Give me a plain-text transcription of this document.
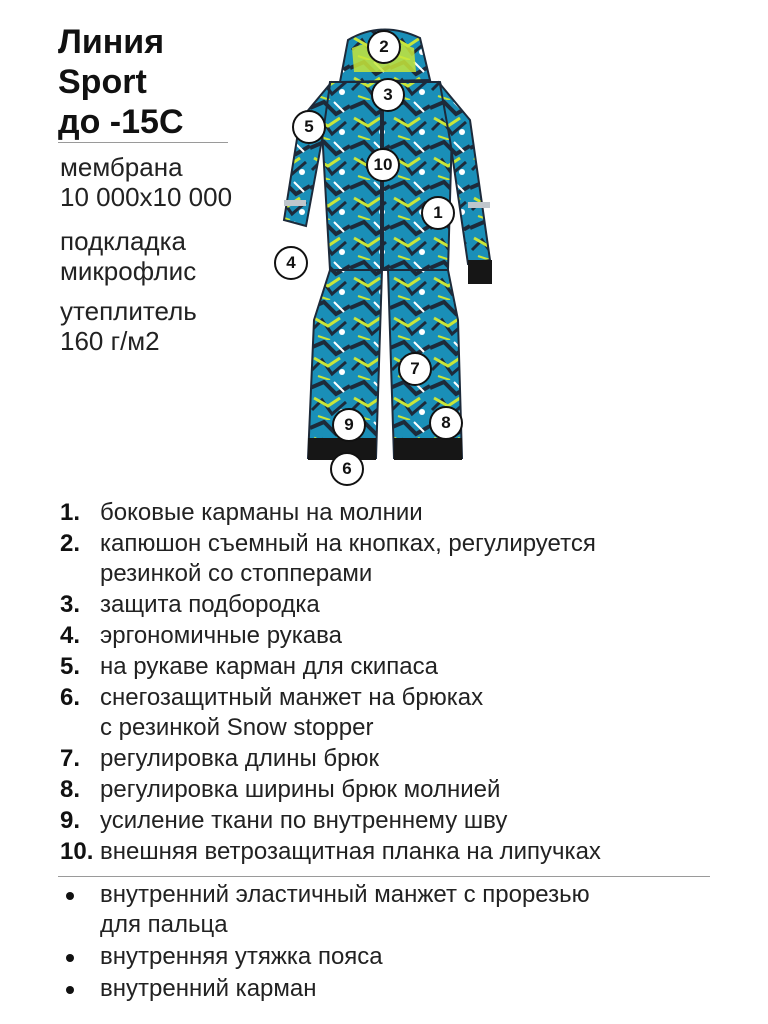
Линия
Sport
до -15С
мембрана
10 000х10 000
подкладка
микрофлис
утеплитель
160 г/м2
2
3
5
10
1
4
7
9	8
6
1. боковые карманы на молнии
2. капюшон съемный на кнопках, регулируется
резинкой со стопперами
3. защита подбородка
4. эргономичные рукава
5. на рукаве карман для скипаса
6. снегозащитный манжет на брюках
с резинкой Snow stopper
7. регулировка длины брюк
8. регулировка ширины брюк молнией
9. усиление ткани по внутреннему шву
10. внешняя ветрозащитная планка на липучках
внутренний эластичный манжет с прорезью
для пальца
внутренняя утяжка пояса
внутренний карман
